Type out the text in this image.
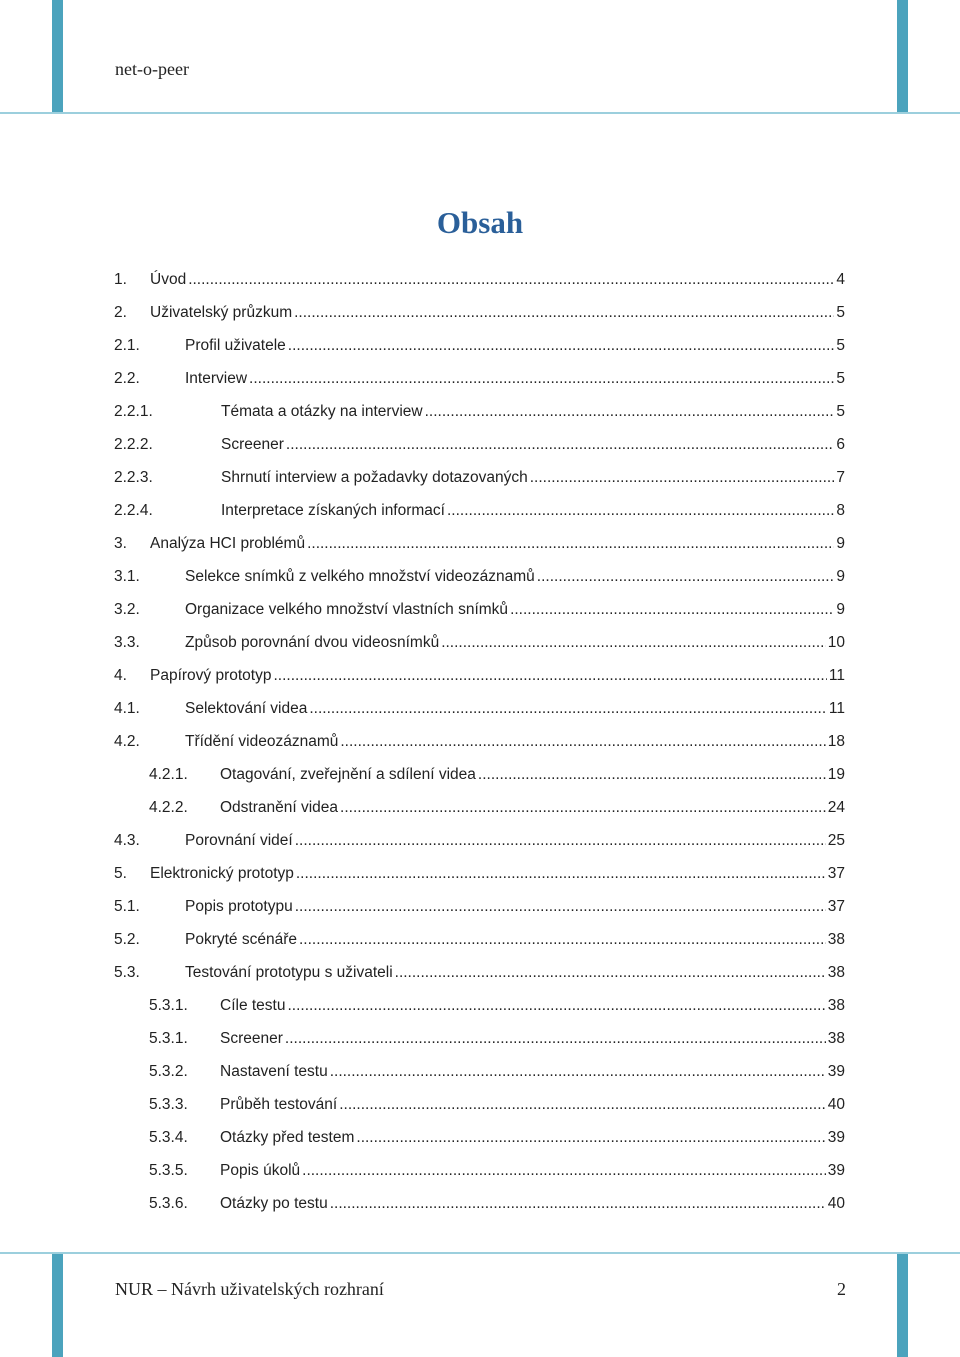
net-o-peer
Obsah
1.	Úvod .....	4
2.	Uživatelský průzkum .....	5
2.1.	Profil uživatele .....	5
2.2.	Interview .....	5
2.2.1.	Témata a otázky na interview .....	5
2.2.2.	Screener .....	6
2.2.3.	Shrnutí interview a požadavky dotazovaných .....	7
2.2.4.	Interpretace získaných informací .....	8
3.	Analýza HCI problémů .....	9
3.1.	Selekce snímků z velkého množství videozáznamů .....	9
3.2.	Organizace velkého množství vlastních snímků .....	9
3.3.	Způsob porovnání dvou videosnímků .....	10
4.	Papírový prototyp .....	11
4.1.	Selektování videa .....	11
4.2.	Třídění videozáznamů .....	18
4.2.1.	Otagování, zveřejnění a sdílení videa .....	19
4.2.2.	Odstranění videa .....	24
4.3.	Porovnání videí .....	25
5.	Elektronický prototyp .....	37
5.1.	Popis prototypu .....	37
5.2.	Pokryté scénáře .....	38
5.3.	Testování prototypu s uživateli .....	38
5.3.1.	Cíle testu .....	38
5.3.1.	Screener .....	38
5.3.2.	Nastavení testu .....	39
5.3.3.	Průběh testování .....	40
5.3.4.	Otázky před testem .....	39
5.3.5.	Popis úkolů .....	39
5.3.6.	Otázky po testu .....	40
NUR – Návrh uživatelských rozhraní	2
